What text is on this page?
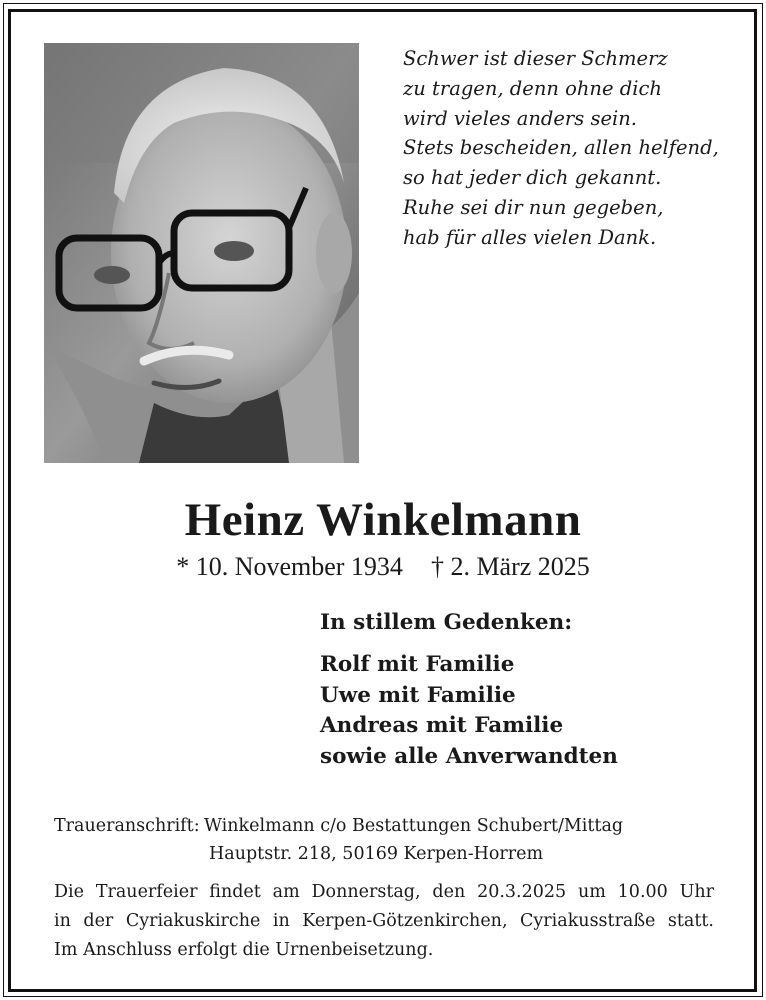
Schwer ist dieser Schmerz
zu tragen, denn ohne dich
wird vieles anders sein.
Stets bescheiden, allen helfend,
so hat jeder dich gekannt.
Ruhe sei dir nun gegeben,
hab für alles vielen Dank.
Heinz Winkelmann
* 10. November 1934 † 2. März 2025
In stillem Gedenken:
Rolf mit Familie
Uwe mit Familie
Andreas mit Familie
sowie alle Anverwandten
Traueranschrift: Winkelmann c/o Bestattungen Schubert/Mittag
Hauptstr. 218, 50169 Kerpen-Horrem
Die Trauerfeier findet am Donnerstag, den 20.3.2025 um 10.00 Uhr
in der Cyriakuskirche in Kerpen-Götzenkirchen, Cyriakusstraße statt.
Im Anschluss erfolgt die Urnenbeisetzung.
